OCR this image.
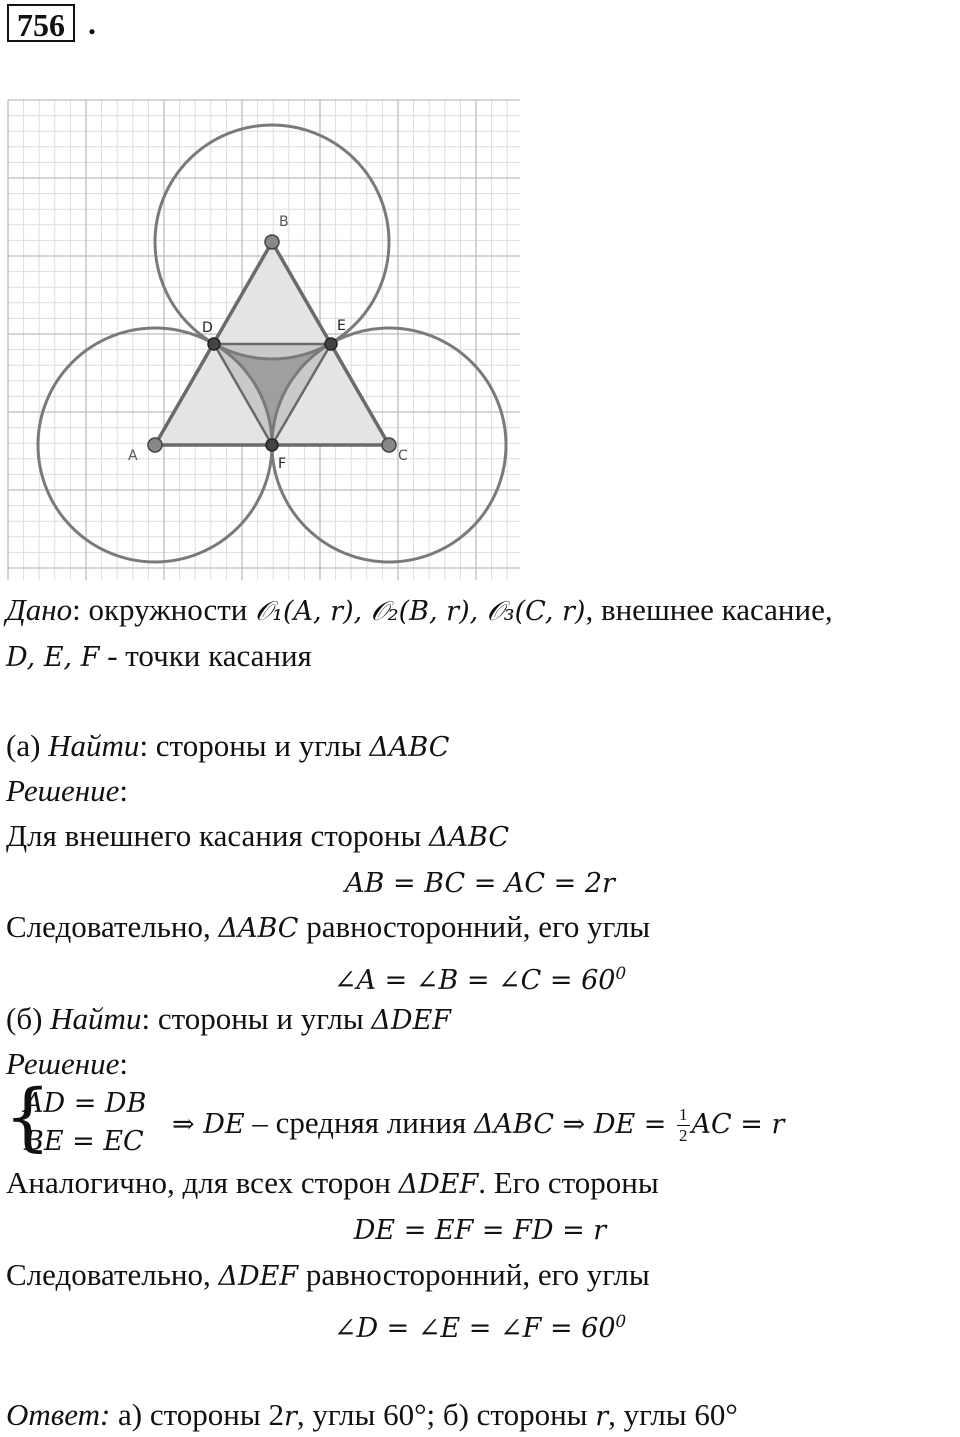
756 .
A
B
C
D	E
F
Дано: окружности 𝒪₁(A, r), 𝒪₂(B, r), 𝒪₃(C, r), внешнее касание,
D, E, F - точки касания
(а) Найти: стороны и углы ΔABC
Решение:
Для внешнего касания стороны ΔABC
AB = BC = AC = 2r
Следовательно, ΔABC равносторонний, его углы
∠A = ∠B = ∠C = $60^0$
(б) Найти: стороны и углы ΔDEF
Решение:
{
AD = DB
BE = EC
⇒ DE – средняя линия ΔABC ⇒ DE = $\frac{1}{2}$ AC = r
Аналогично, для всех сторон ΔDEF. Его стороны
DE = EF = FD = r
Следовательно, ΔDEF равносторонний, его углы
∠D = ∠E = ∠F = $60^0$
Ответ: а) стороны 2r, углы 60°; б) стороны r, углы 60°
